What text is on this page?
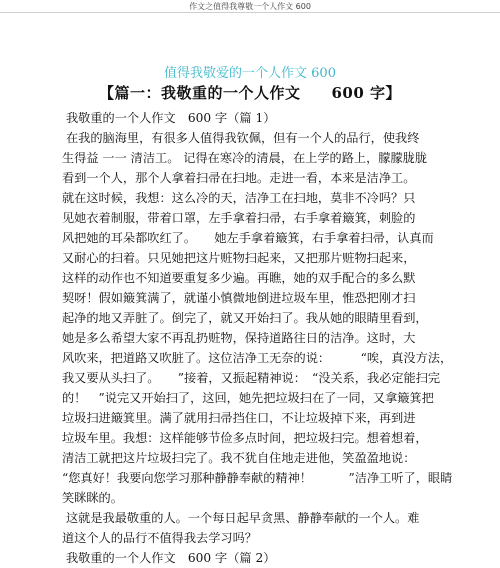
作文之值得我尊敬一个人作文 600
值得我敬爱的一个人作文 600
【篇一：我敬重的一个人作文　　600 字】
我敬重的一个人作文　600 字（篇 1）
在我的脑海里，有很多人值得我钦佩，但有一个人的品行，使我终
生得益 一一 清洁工。 记得在寒冷的清晨，在上学的路上，朦朦胧胧
看到一个人，那个人拿着扫帚在扫地。走进一看，本来是洁净工。
就在这时候，我想：这么冷的天，洁净工在扫地，莫非不冷吗？只
见她衣着制服，带着口罩，左手拿着扫帚，右手拿着簸箕，刺脸的
风把她的耳朵都吹红了。　　她左手拿着簸箕，右手拿着扫帚，认真而
又耐心的扫着。只见她把这片赃物扫起来，又把那片赃物扫起来，
这样的动作也不知道要重复多少遍。再瞧，她的双手配合的多么默
契呀！假如簸箕满了，就谨小慎微地倒进垃圾车里，惟恐把刚才扫
起净的地又弄脏了。倒完了，就又开始扫了。我从她的眼睛里看到，
她是多么希望大家不再乱扔赃物，保持道路往日的洁净。这时，大
风吹来，把道路又吹脏了。这位洁净工无奈的说：　　　“唉，真没方法，
我又要从头扫了。　　”接着，又振起精神说：　“没关系，我必定能扫完
的！　”说完又开始扫了，这回，她先把垃圾扫在了一同，又拿簸箕把
垃圾扫进簸箕里。满了就用扫帚挡住口，不让垃圾掉下来，再到进
垃圾车里。我想：这样能够节俭多点时间，把垃圾扫完。想着想着，
清洁工就把这片垃圾扫完了。我不犹自住地走进他，笑盈盈地说：
“您真好！我要向您学习那种静静奉献的精神！　　　”洁净工听了，眼睛
笑眯眯的。
这就是我最敬重的人。一个每日起早贪黑、静静奉献的一个人。难
道这个人的品行不值得我去学习吗？
我敬重的一个人作文　600 字（篇 2）
